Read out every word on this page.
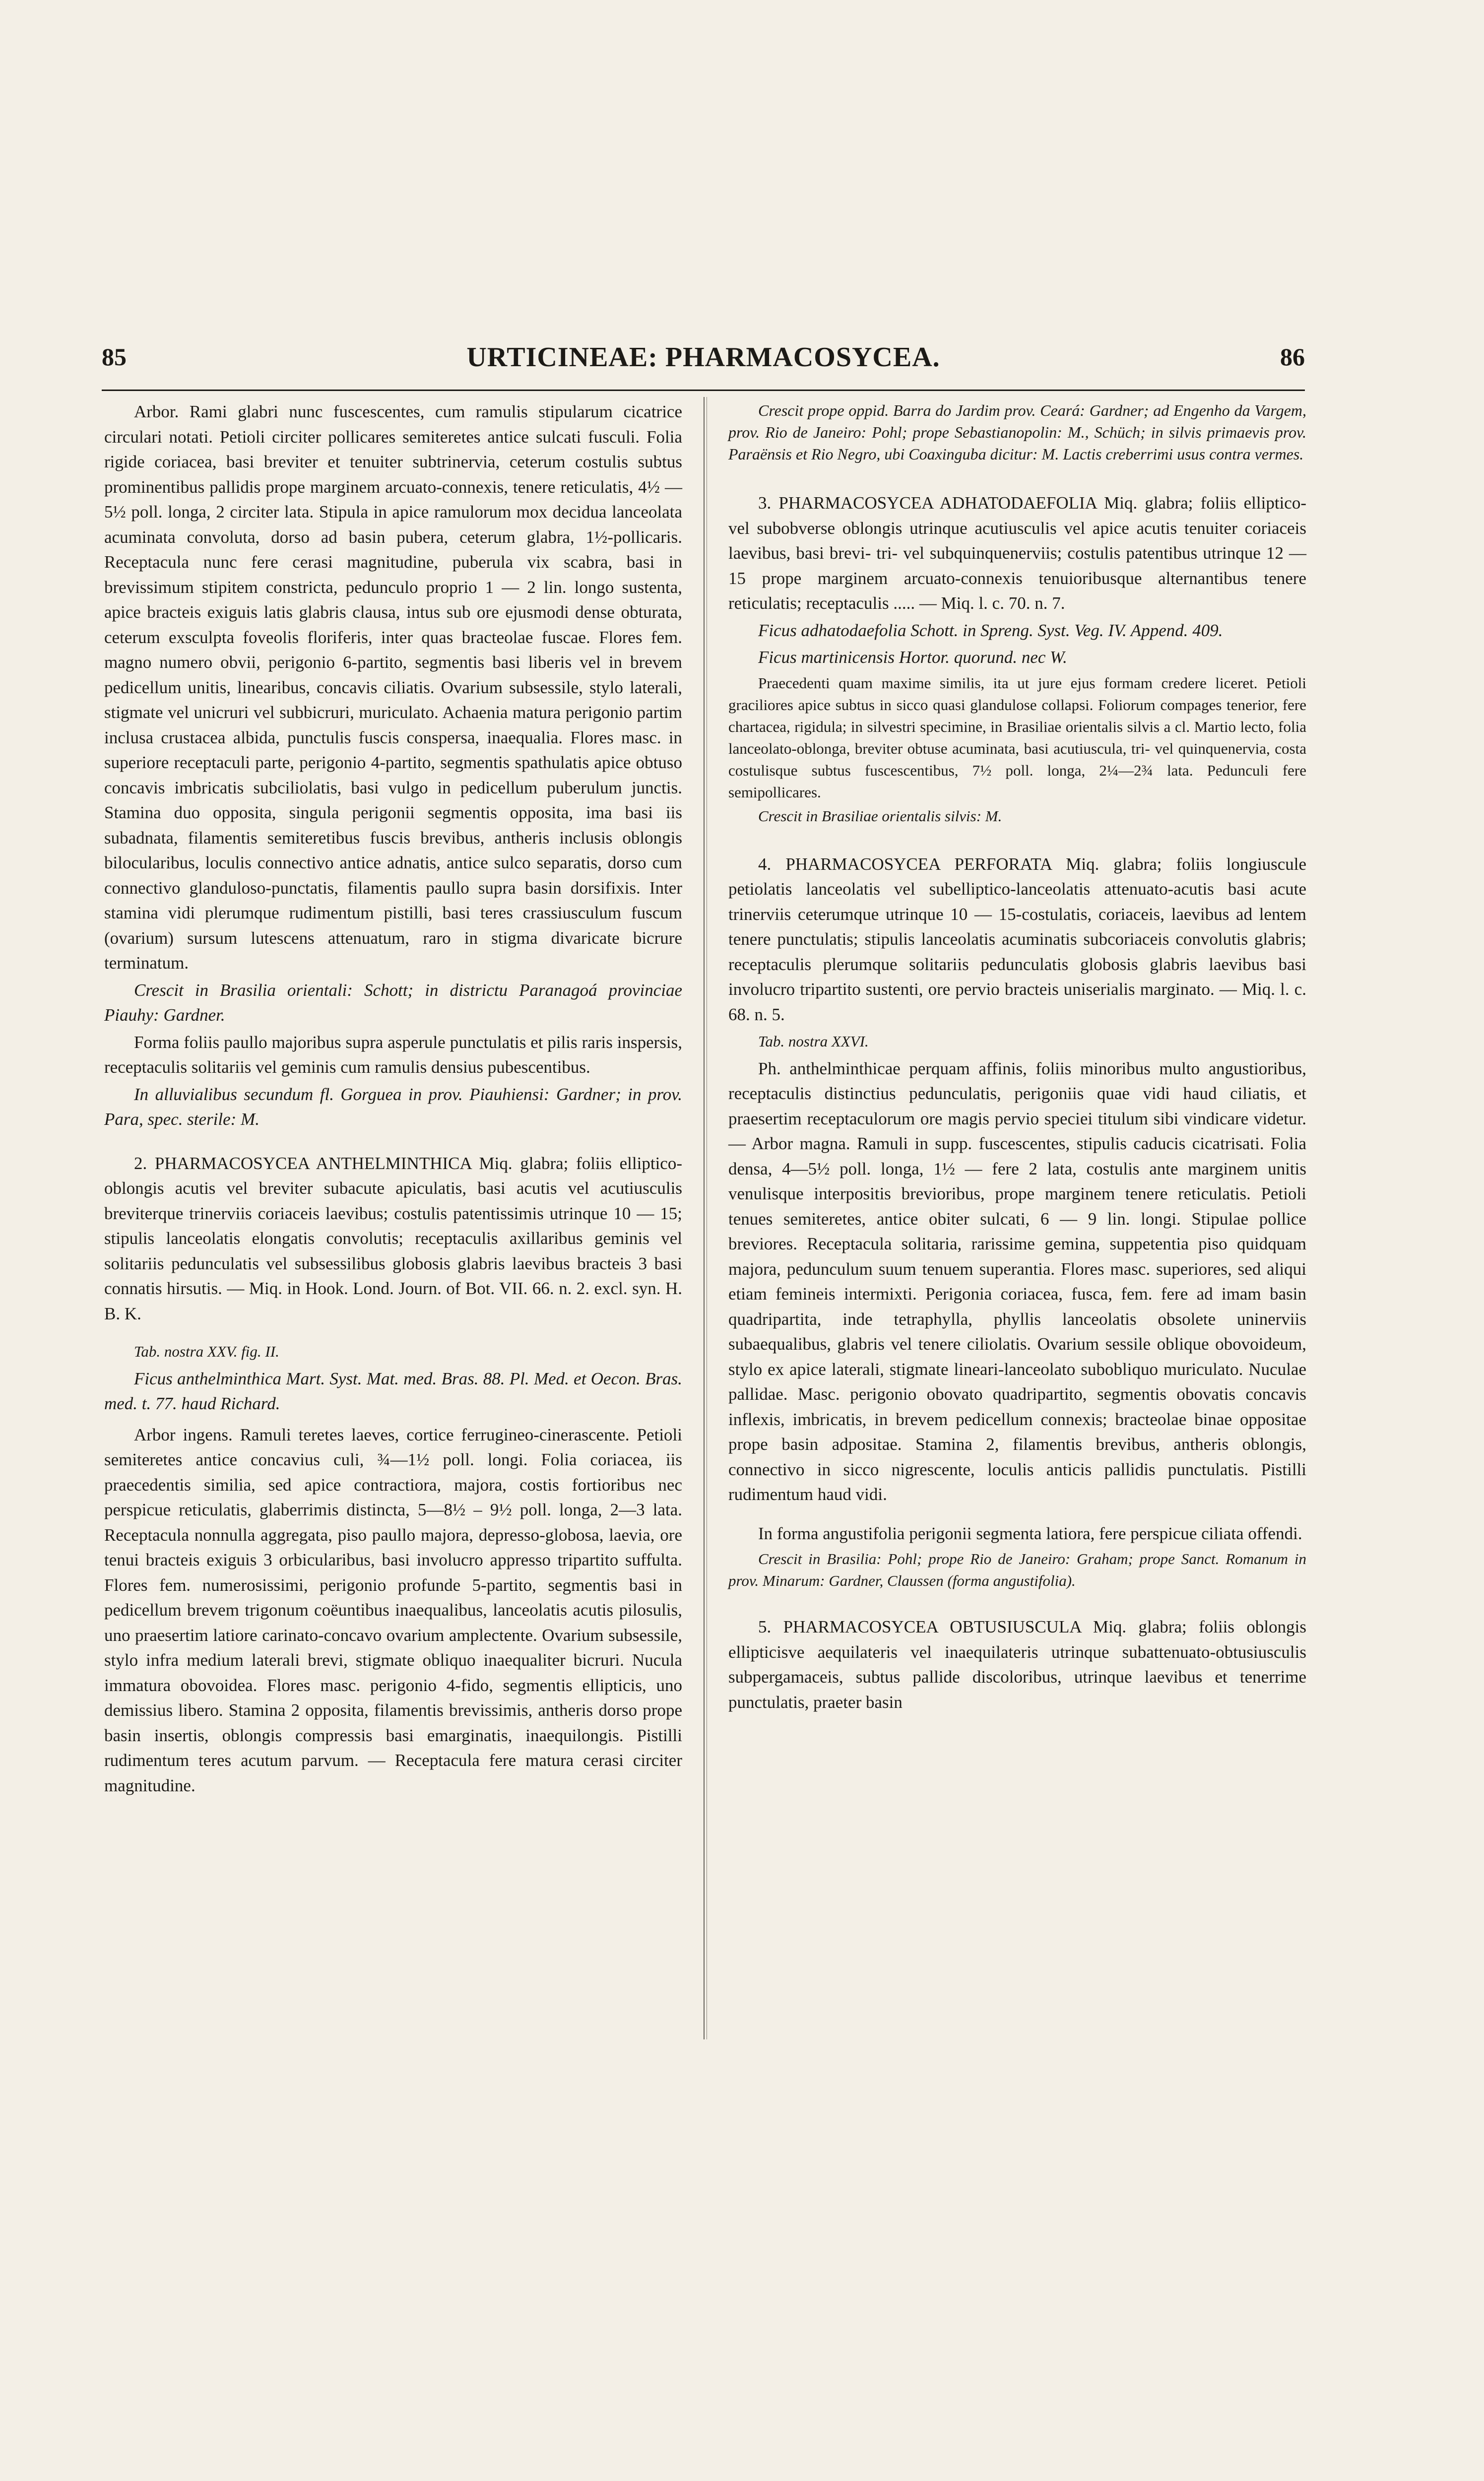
85	URTICINEAE: PHARMACOSYCEA.	86

Arbor. Rami glabri nunc fuscescentes, cum ramulis stipularum cicatrice circulari notati. Petioli circiter pollicares semiteretes antice sulcati fusculi. Folia rigide coriacea, basi breviter et tenuiter subtrinervia, ceterum costulis subtus prominentibus pallidis prope marginem arcuato-connexis, tenere reticulatis, 4½ — 5½ poll. longa, 2 circiter lata. Stipula in apice ramulorum mox decidua lanceolata acuminata convoluta, dorso ad basin pubera, ceterum glabra, 1½-pollicaris. Receptacula nunc fere cerasi magnitudine, puberula vix scabra, basi in brevissimum stipitem constricta, pedunculo proprio 1 — 2 lin. longo sustenta, apice bracteis exiguis latis glabris clausa, intus sub ore ejusmodi dense obturata, ceterum exsculpta foveolis floriferis, inter quas bracteolae fuscae. Flores fem. magno numero obvii, perigonio 6-partito, segmentis basi liberis vel in brevem pedicellum unitis, linearibus, concavis ciliatis. Ovarium subsessile, stylo laterali, stigmate vel unicruri vel subbicruri, muriculato. Achaenia matura perigonio partim inclusa crustacea albida, punctulis fuscis conspersa, inaequalia. Flores masc. in superiore receptaculi parte, perigonio 4-partito, segmentis spathulatis apice obtuso concavis imbricatis subciliolatis, basi vulgo in pedicellum puberulum junctis. Stamina duo opposita, singula perigonii segmentis opposita, ima basi iis subadnata, filamentis semiteretibus fuscis brevibus, antheris inclusis oblongis bilocularibus, loculis connectivo antice adnatis, antice sulco separatis, dorso cum connectivo glanduloso-punctatis, filamentis paullo supra basin dorsifixis. Inter stamina vidi plerumque rudimentum pistilli, basi teres crassiusculum fuscum (ovarium) sursum lutescens attenuatum, raro in stigma divaricate bicrure terminatum.

Crescit in Brasilia orientali: Schott; in districtu Paranagoá provinciae Piauhy: Gardner.

Forma foliis paullo majoribus supra asperule punctulatis et pilis raris inspersis, receptaculis solitariis vel geminis cum ramulis densius pubescentibus.

In alluvialibus secundum fl. Gorguea in prov. Piauhiensi: Gardner; in prov. Para, spec. sterile: M.

2. PHARMACOSYCEA ANTHELMINTHICA Miq. glabra; foliis elliptico-oblongis acutis vel breviter subacute apiculatis, basi acutis vel acutiusculis breviterque trinerviis coriaceis laevibus; costulis patentissimis utrinque 10 — 15; stipulis lanceolatis elongatis convolutis; receptaculis axillaribus geminis vel solitariis pedunculatis vel subsessilibus globosis glabris laevibus bracteis 3 basi connatis hirsutis. — Miq. in Hook. Lond. Journ. of Bot. VII. 66. n. 2. excl. syn. H. B. K.

Tab. nostra XXV. fig. II.

Ficus anthelminthica Mart. Syst. Mat. med. Bras. 88. Pl. Med. et Oecon. Bras. med. t. 77. haud Richard.

Arbor ingens. Ramuli teretes laeves, cortice ferrugineo-cinerascente. Petioli semiteretes antice concavius culi, ¾—1½ poll. longi. Folia coriacea, iis praecedentis similia, sed apice contractiora, majora, costis fortioribus nec perspicue reticulatis, glaberrimis distincta, 5—8½ – 9½ poll. longa, 2—3 lata. Receptacula nonnulla aggregata, piso paullo majora, depresso-globosa, laevia, ore tenui bracteis exiguis 3 orbicularibus, basi involucro appresso tripartito suffulta. Flores fem. numerosissimi, perigonio profunde 5-partito, segmentis basi in pedicellum brevem trigonum coëuntibus inaequalibus, lanceolatis acutis pilosulis, uno praesertim latiore carinato-concavo ovarium amplectente. Ovarium subsessile, stylo infra medium laterali brevi, stigmate obliquo inaequaliter bicruri. Nucula immatura obovoidea. Flores masc. perigonio 4-fido, segmentis ellipticis, uno demissius libero. Stamina 2 opposita, filamentis brevissimis, antheris dorso prope basin insertis, oblongis compressis basi emarginatis, inaequilongis. Pistilli rudimentum teres acutum parvum. — Receptacula fere matura cerasi circiter magnitudine.

Crescit prope oppid. Barra do Jardim prov. Ceará: Gardner; ad Engenho da Vargem, prov. Rio de Janeiro: Pohl; prope Sebastianopolin: M., Schüch; in silvis primaevis prov. Paraënsis et Rio Negro, ubi Coaxinguba dicitur: M. Lactis creberrimi usus contra vermes.

3. PHARMACOSYCEA ADHATODAEFOLIA Miq. glabra; foliis elliptico- vel subobverse oblongis utrinque acutiusculis vel apice acutis tenuiter coriaceis laevibus, basi brevi- tri- vel subquinquenerviis; costulis patentibus utrinque 12 — 15 prope marginem arcuato-connexis tenuioribusque alternantibus tenere reticulatis; receptaculis ..... — Miq. l. c. 70. n. 7.

Ficus adhatodaefolia Schott. in Spreng. Syst. Veg. IV. Append. 409.

Ficus martinicensis Hortor. quorund. nec W.

Praecedenti quam maxime similis, ita ut jure ejus formam credere liceret. Petioli graciliores apice subtus in sicco quasi glandulose collapsi. Foliorum compages tenerior, fere chartacea, rigidula; in silvestri specimine, in Brasiliae orientalis silvis a cl. Martio lecto, folia lanceolato-oblonga, breviter obtuse acuminata, basi acutiuscula, tri- vel quinquenervia, costa costulisque subtus fuscescentibus, 7½ poll. longa, 2¼—2¾ lata. Pedunculi fere semipollicares.

Crescit in Brasiliae orientalis silvis: M.

4. PHARMACOSYCEA PERFORATA Miq. glabra; foliis longiuscule petiolatis lanceolatis vel subelliptico-lanceolatis attenuato-acutis basi acute trinerviis ceterumque utrinque 10 — 15-costulatis, coriaceis, laevibus ad lentem tenere punctulatis; stipulis lanceolatis acuminatis subcoriaceis convolutis glabris; receptaculis plerumque solitariis pedunculatis globosis glabris laevibus basi involucro tripartito sustenti, ore pervio bracteis uniserialis marginato. — Miq. l. c. 68. n. 5.

Tab. nostra XXVI.

Ph. anthelminthicae perquam affinis, foliis minoribus multo angustioribus, receptaculis distinctius pedunculatis, perigoniis quae vidi haud ciliatis, et praesertim receptaculorum ore magis pervio speciei titulum sibi vindicare videtur. — Arbor magna. Ramuli in supp. fuscescentes, stipulis caducis cicatrisati. Folia densa, 4—5½ poll. longa, 1½ — fere 2 lata, costulis ante marginem unitis venulisque interpositis brevioribus, prope marginem tenere reticulatis. Petioli tenues semiteretes, antice obiter sulcati, 6 — 9 lin. longi. Stipulae pollice breviores. Receptacula solitaria, rarissime gemina, suppetentia piso quidquam majora, pedunculum suum tenuem superantia. Flores masc. superiores, sed aliqui etiam femineis intermixti. Perigonia coriacea, fusca, fem. fere ad imam basin quadripartita, inde tetraphylla, phyllis lanceolatis obsolete uninerviis subaequalibus, glabris vel tenere ciliolatis. Ovarium sessile oblique obovoideum, stylo ex apice laterali, stigmate lineari-lanceolato subobliquo muriculato. Nuculae pallidae. Masc. perigonio obovato quadripartito, segmentis obovatis concavis inflexis, imbricatis, in brevem pedicellum connexis; bracteolae binae oppositae prope basin adpositae. Stamina 2, filamentis brevibus, antheris oblongis, connectivo in sicco nigrescente, loculis anticis pallidis punctulatis. Pistilli rudimentum haud vidi.

In forma angustifolia perigonii segmenta latiora, fere perspicue ciliata offendi.

Crescit in Brasilia: Pohl; prope Rio de Janeiro: Graham; prope Sanct. Romanum in prov. Minarum: Gardner, Claussen (forma angustifolia).

5. PHARMACOSYCEA OBTUSIUSCULA Miq. glabra; foliis oblongis ellipticisve aequilateris vel inaequilateris utrinque subattenuato-obtusiusculis subpergamaceis, subtus pallide discoloribus, utrinque laevibus et tenerrime punctulatis, praeter basin
